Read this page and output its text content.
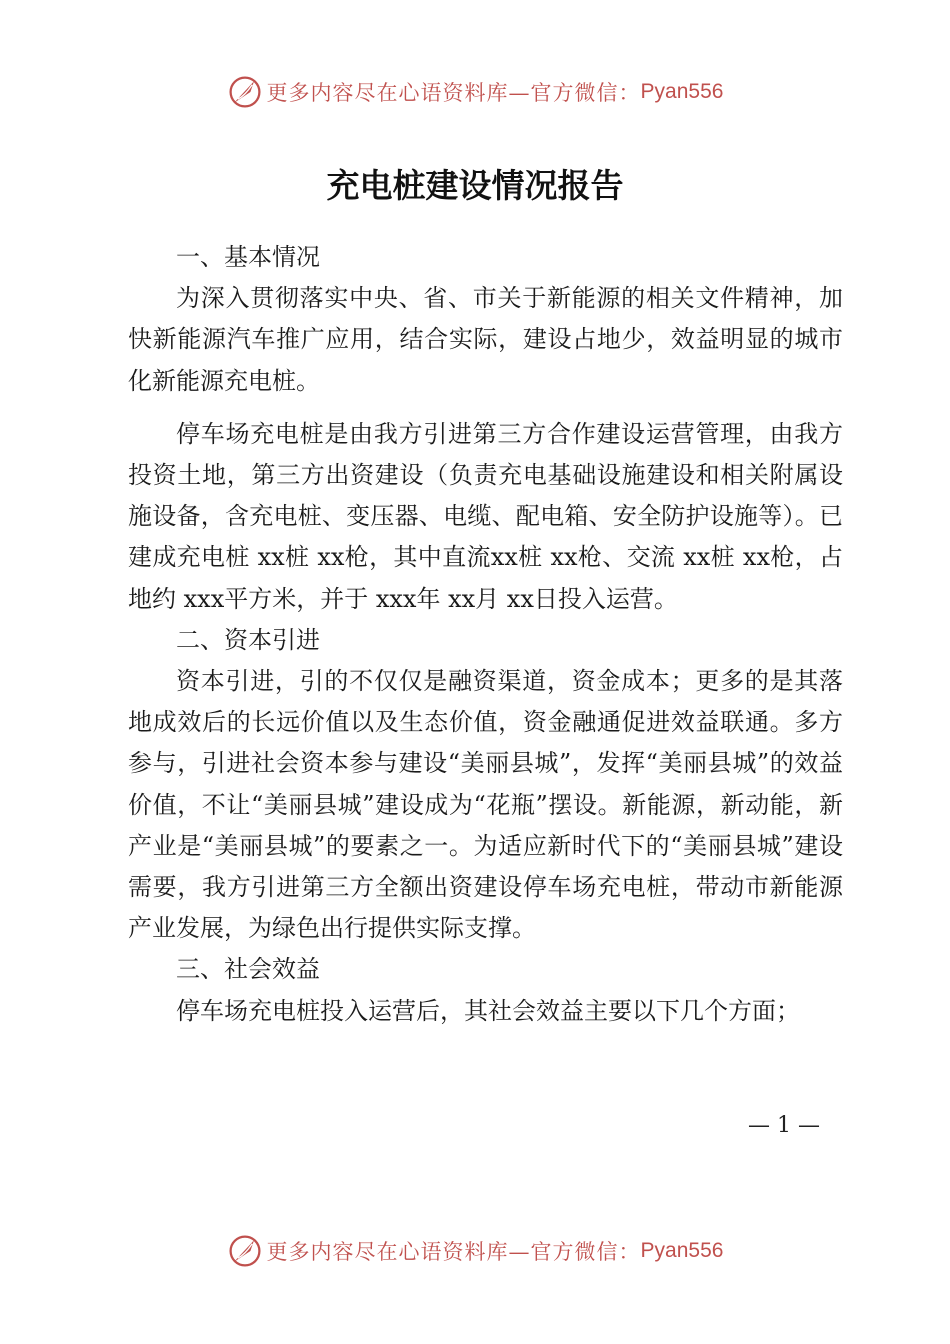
更多内容尽在心语资料库—官方微信： Pyan556
充电桩建设情况报告
一、基本情况

为深入贯彻落实中央、省、市关于新能源的相关文件精神，加快新能源汽车推广应用，结合实际，建设占地少，效益明显的城市化新能源充电桩。

停车场充电桩是由我方引进第三方合作建设运营管理，由我方投资土地，第三方出资建设（负责充电基础设施建设和相关附属设施设备，含充电桩、变压器、电缆、配电箱、安全防护设施等）。已建成充电桩 xx桩 xx枪，其中直流xx桩 xx枪、交流 xx桩 xx枪，占地约 xxx平方米，并于 xxx年 xx月 xx日投入运营。

二、资本引进

资本引进，引的不仅仅是融资渠道，资金成本；更多的是其落地成效后的长远价值以及生态价值，资金融通促进效益联通。多方参与，引进社会资本参与建设“美丽县城”，发挥“美丽县城”的效益价值，不让“美丽县城”建设成为“花瓶”摆设。新能源，新动能，新产业是“美丽县城”的要素之一。为适应新时代下的“美丽县城”建设需要，我方引进第三方全额出资建设停车场充电桩，带动市新能源产业发展，为绿色出行提供实际支撑。

三、社会效益

停车场充电桩投入运营后，其社会效益主要以下几个方面；

— 1 —
更多内容尽在心语资料库—官方微信： Pyan556
